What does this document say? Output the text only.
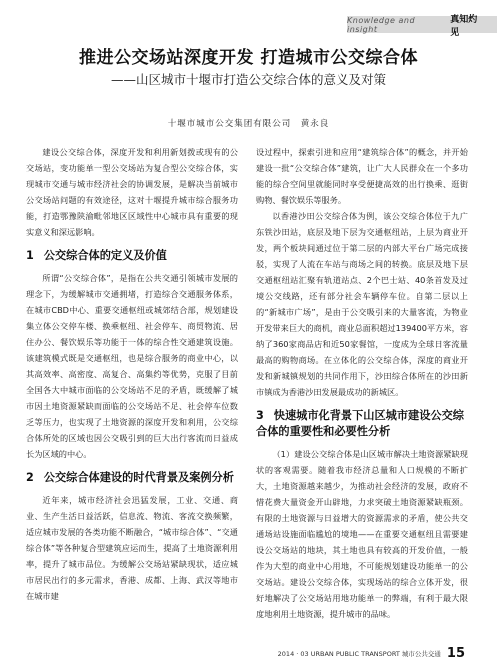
Knowledge and insight
真知灼见
推进公交场站深度开发 打造城市公交综合体
——山区城市十堰市打造公交综合体的意义及对策
十堰市城市公交集团有限公司　黄永良

建设公交综合体，深度开发和利用新划拨或现有的公交场站，变功能单一型公交场站为复合型公交综合体，实现城市交通与城市经济社会的协调发展，是解决当前城市公交场站问题的有效途径，这对十堰提升城市综合服务功能，打造鄂豫陕渝毗邻地区区域性中心城市具有重要的现实意义和深远影响。

1 公交综合体的定义及价值

所谓“公交综合体”，是指在公共交通引领城市发展的理念下，为缓解城市交通拥堵，打造综合交通服务体系，在城市CBD中心、重要交通枢纽或城郊结合部，规划建设集立体公交停车楼、换乘枢纽、社会停车、商贸物流、居住办公、餐饮娱乐等功能于一体的综合性交通建筑设施。该建筑模式既是交通枢纽，也是综合服务的商业中心，以其高效率、高密度、高复合、高集约等优势，克服了目前全国各大中城市面临的公交场站不足的矛盾，既缓解了城市因土地资源紧缺而面临的公交场站不足、社会停车位数乏等压力，也实现了土地资源的深度开发和利用，公交综合体所处的区域也因公交吸引到的巨大出行客流而日益成长为区域的中心。

2 公交综合体建设的时代背景及案例分析

近年来，城市经济社会迅猛发展，工业、交通、商业、生产生活日益活跃，信息流、物流、客流交换频繁，适应城市发展的各类功能不断融合，“城市综合体”、“交通综合体”等各种复合型建筑应运而生，提高了土地资源利用率，提升了城市品位。为缓解公交场站紧缺现状，适应城市居民出行的多元需求，香港、成都、上海、武汉等地市在城市建

设过程中，探索引进和应用“建筑综合体”的概念，并开始建设一批“公交综合体”建筑，让广大人民群众在一个多功能的综合空间里就能同时享受便捷高效的出行换乘、逛街购物、餐饮娱乐等服务。

以香港沙田公交综合体为例，该公交综合体位于九广东铁沙田站，底层及地下层为交通枢纽站，上层为商业开发，两个板块间通过位于第二层的内部大平台广场完成接驳，实现了人流在车站与商场之间的转换。底层及地下层交通枢纽站汇聚有轨道站点、2个巴士站、40条首发及过境公交线路，还有部分社会车辆停车位。自第二层以上的“新城市广场”，是由于公交吸引来的大量客流，为物业开发带来巨大的商机，商业总面积超过139400平方米，容纳了360家商品店和近50家餐馆，一度成为全球日客流量最高的购物商场。在立体化的公交综合体，深度的商业开发和新城镇规划的共同作用下，沙田综合体所在的沙田新市镇成为香港沙田发展最成功的新城区。

3 快速城市化背景下山区城市建设公交综合体的重要性和必要性分析

（1）建设公交综合体是山区城市解决土地资源紧缺现状的客观需要。随着我市经济总量和人口规模的不断扩大，土地资源越来越少，为推动社会经济的发展，政府不惜花费大量资金开山辟地，力求突破土地资源紧缺瓶颈。有限的土地资源与日益增大的资源需求的矛盾，使公共交通场站设施面临尴尬的境地——在重要交通枢纽且需要建设公交场站的地块，其土地也具有较高的开发价值，一般作为大型的商业中心用地，不可能规划建设功能单一的公交场站。建设公交综合体，实现场站的综合立体开发，很好地解决了公交场站用地功能单一的弊端，有利于最大限度地利用土地资源，提升城市的品味。

2014 · 03 URBAN PUBLIC TRANSPORT 城市公共交通 15
